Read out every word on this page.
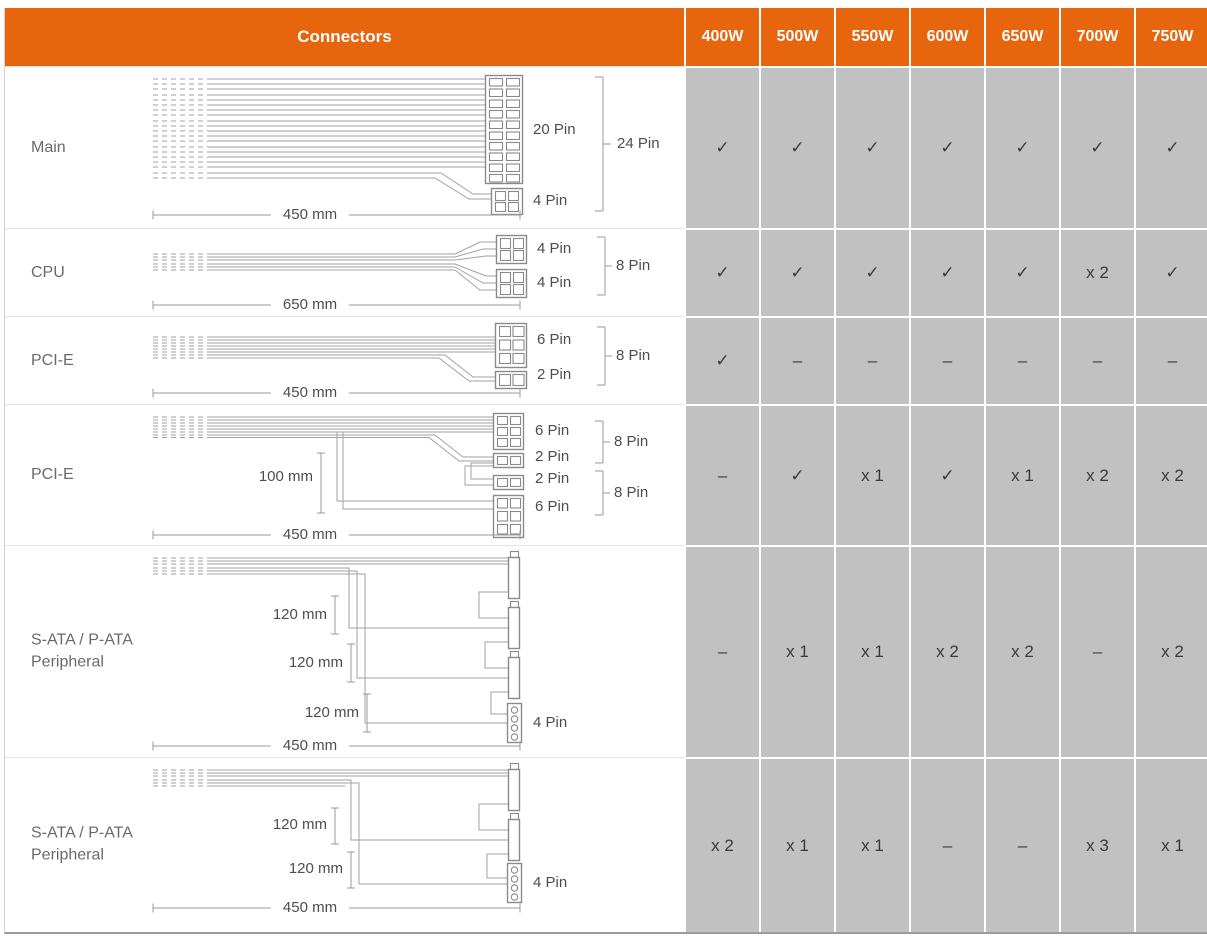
Connectors	400W	500W	550W	600W	650W	700W	750W
Main
20 Pin
4 Pin
24 Pin
450 mm
✓	✓	✓	✓	✓	✓	✓
CPU
4 Pin
4 Pin
8 Pin
650 mm
✓	✓	✓	✓	✓	x 2	✓
PCI-E
6 Pin
2 Pin
8 Pin
450 mm
✓	–	–	–	–	–	–
PCI-E
6 Pin
2 Pin
8 Pin
2 Pin
6 Pin
8 Pin
100 mm
450 mm
–	✓	x 1	✓	x 1	x 2	x 2
S-ATA / P-ATA
Peripheral
120 mm
120 mm
120 mm
4 Pin
450 mm
–	x 1	x 1	x 2	x 2	–	x 2
S-ATA / P-ATA
Peripheral
120 mm
120 mm
4 Pin
450 mm
x 2	x 1	x 1	–	–	x 3	x 1
